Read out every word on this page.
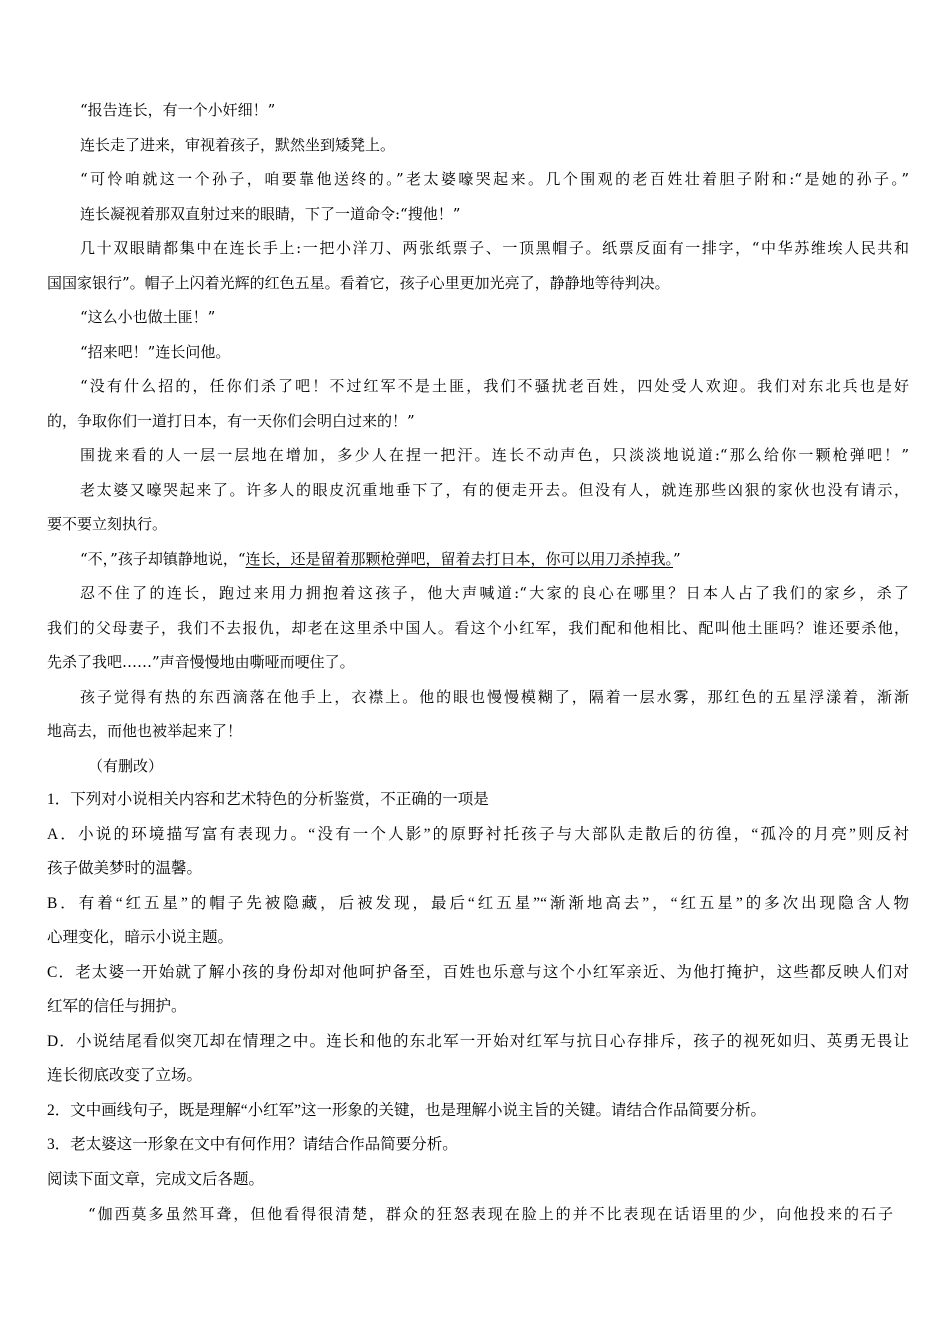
“报告连长，有一个小奸细！”
连长走了进来，审视着孩子，默然坐到矮凳上。
“可怜咱就这一个孙子，咱要靠他送终的。”老太婆嚎哭起来。几个围观的老百姓壮着胆子附和:“是她的孙子。”
连长凝视着那双直射过来的眼睛，下了一道命令:“搜他！”
几十双眼睛都集中在连长手上:一把小洋刀、两张纸票子、一顶黑帽子。纸票反面有一排字，“中华苏维埃人民共和
国国家银行”。帽子上闪着光辉的红色五星。看着它，孩子心里更加光亮了，静静地等待判决。
“这么小也做土匪！”
“招来吧！”连长问他。
“没有什么招的，任你们杀了吧！不过红军不是土匪，我们不骚扰老百姓，四处受人欢迎。我们对东北兵也是好
的，争取你们一道打日本，有一天你们会明白过来的！”
围拢来看的人一层一层地在增加，多少人在捏一把汗。连长不动声色，只淡淡地说道:“那么给你一颗枪弹吧！”
老太婆又嚎哭起来了。许多人的眼皮沉重地垂下了，有的便走开去。但没有人，就连那些凶狠的家伙也没有请示，
要不要立刻执行。
“不，”孩子却镇静地说，“连长，还是留着那颗枪弹吧，留着去打日本，你可以用刀杀掉我。”
忍不住了的连长，跑过来用力拥抱着这孩子，他大声喊道:“大家的良心在哪里？日本人占了我们的家乡，杀了
我们的父母妻子，我们不去报仇，却老在这里杀中国人。看这个小红军，我们配和他相比、配叫他土匪吗？谁还要杀他，
先杀了我吧……”声音慢慢地由嘶哑而哽住了。
孩子觉得有热的东西滴落在他手上，衣襟上。他的眼也慢慢模糊了，隔着一层水雾，那红色的五星浮漾着，渐渐
地高去，而他也被举起来了！
（有删改）
1．下列对小说相关内容和艺术特色的分析鉴赏，不正确的一项是
A．小说的环境描写富有表现力。“没有一个人影”的原野衬托孩子与大部队走散后的彷徨，“孤冷的月亮”则反衬
孩子做美梦时的温馨。
B．有着“红五星”的帽子先被隐藏，后被发现，最后“红五星”“渐渐地高去”，“红五星”的多次出现隐含人物
心理变化，暗示小说主题。
C．老太婆一开始就了解小孩的身份却对他呵护备至，百姓也乐意与这个小红军亲近、为他打掩护，这些都反映人们对
红军的信任与拥护。
D．小说结尾看似突兀却在情理之中。连长和他的东北军一开始对红军与抗日心存排斥，孩子的视死如归、英勇无畏让
连长彻底改变了立场。
2．文中画线句子，既是理解“小红军”这一形象的关键，也是理解小说主旨的关键。请结合作品简要分析。
3．老太婆这一形象在文中有何作用？请结合作品简要分析。
阅读下面文章，完成文后各题。
“伽西莫多虽然耳聋，但他看得很清楚，群众的狂怒表现在脸上的并不比表现在话语里的少，向他投来的石子
